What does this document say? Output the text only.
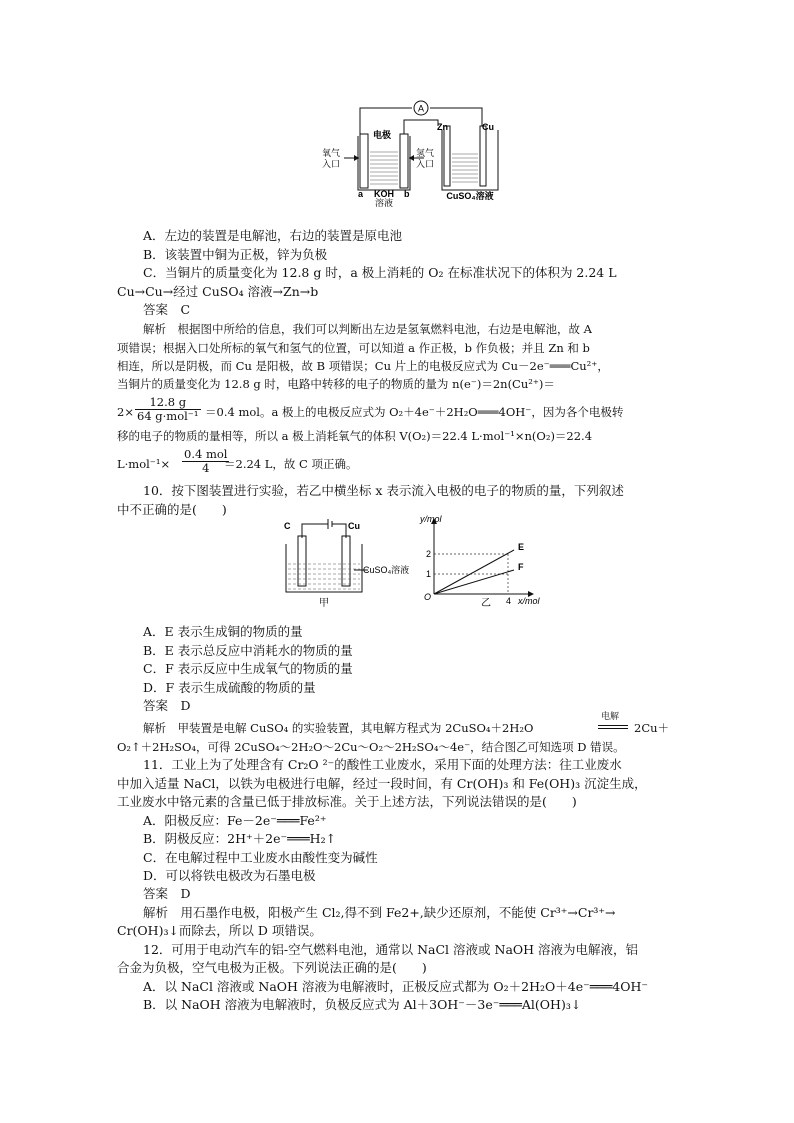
A
电极
氧气
入口
氢气
入口
a	b
KOH
溶液
Zn	Cu
CuSO₄溶液
A．左边的装置是电解池，右边的装置是原电池
B．该装置中铜为正极，锌为负极
C．当铜片的质量变化为 12.8 g 时，a 极上消耗的 O₂ 在标准状况下的体积为 2.24 L
Cu→Cu→经过 CuSO₄ 溶液→Zn→b
答案　C
解析　根据图中所给的信息，我们可以判断出左边是氢氧燃料电池，右边是电解池，故 A
项错误；根据入口处所标的氧气和氢气的位置，可以知道 a 作正极，b 作负极；并且 Zn 和 b
相连，所以是阴极，而 Cu 是阳极，故 B 项错误；Cu 片上的电极反应式为 Cu－2e⁻═══Cu²⁺，
当铜片的质量变化为 12.8 g 时，电路中转移的电子的物质的量为 n(e⁻)＝2n(Cu²⁺)＝
2×
12.8 g
64 g·mol⁻¹ ＝0.4 mol。a 极上的电极反应式为 O₂＋4e⁻＋2H₂O═══4OH⁻，因为各个电极转
移的电子的物质的量相等，所以 a 极上消耗氧气的体积 V(O₂)＝22.4 L·mol⁻¹×n(O₂)＝22.4
L·mol⁻¹×
0.4 mol
4	＝2.24 L，故 C 项正确。
10．按下图装置进行实验，若乙中横坐标 x 表示流入电极的电子的物质的量，下列叙述
中不正确的是(　　)
C	Cu
CuSO₄溶液
甲
y/mol
x/mol
O
2
1
4
E
F
乙
A．E 表示生成铜的物质的量
B．E 表示总反应中消耗水的物质的量
C．F 表示反应中生成氧气的物质的量
D．F 表示生成硫酸的物质的量
答案　D
解析　甲装置是电解 CuSO₄ 的实验装置，其电解方程式为 2CuSO₄＋2H₂O
电解
2Cu＋
O₂↑＋2H₂SO₄，可得 2CuSO₄～2H₂O～2Cu～O₂～2H₂SO₄～4e⁻，结合图乙可知选项 D 错误。
11．工业上为了处理含有 Cr₂O ²⁻的酸性工业废水，采用下面的处理方法：往工业废水
中加入适量 NaCl，以铁为电极进行电解，经过一段时间，有 Cr(OH)₃ 和 Fe(OH)₃ 沉淀生成，
工业废水中铬元素的含量已低于排放标准。关于上述方法，下列说法错误的是(　　)
A．阳极反应：Fe－2e⁻═══Fe²⁺
B．阴极反应：2H⁺＋2e⁻═══H₂↑
C．在电解过程中工业废水由酸性变为碱性
D．可以将铁电极改为石墨电极
答案　D
解析　用石墨作电极，阳极产生 Cl₂,得不到 Fe2+,缺少还原剂，不能使 Cr³⁺→Cr³⁺→
Cr(OH)₃↓而除去，所以 D 项错误。
12．可用于电动汽车的铝-空气燃料电池，通常以 NaCl 溶液或 NaOH 溶液为电解液，铝
合金为负极，空气电极为正极。下列说法正确的是(　　)
A．以 NaCl 溶液或 NaOH 溶液为电解液时，正极反应式都为 O₂＋2H₂O＋4e⁻═══4OH⁻
B．以 NaOH 溶液为电解液时，负极反应式为 Al＋3OH⁻－3e⁻═══Al(OH)₃↓
